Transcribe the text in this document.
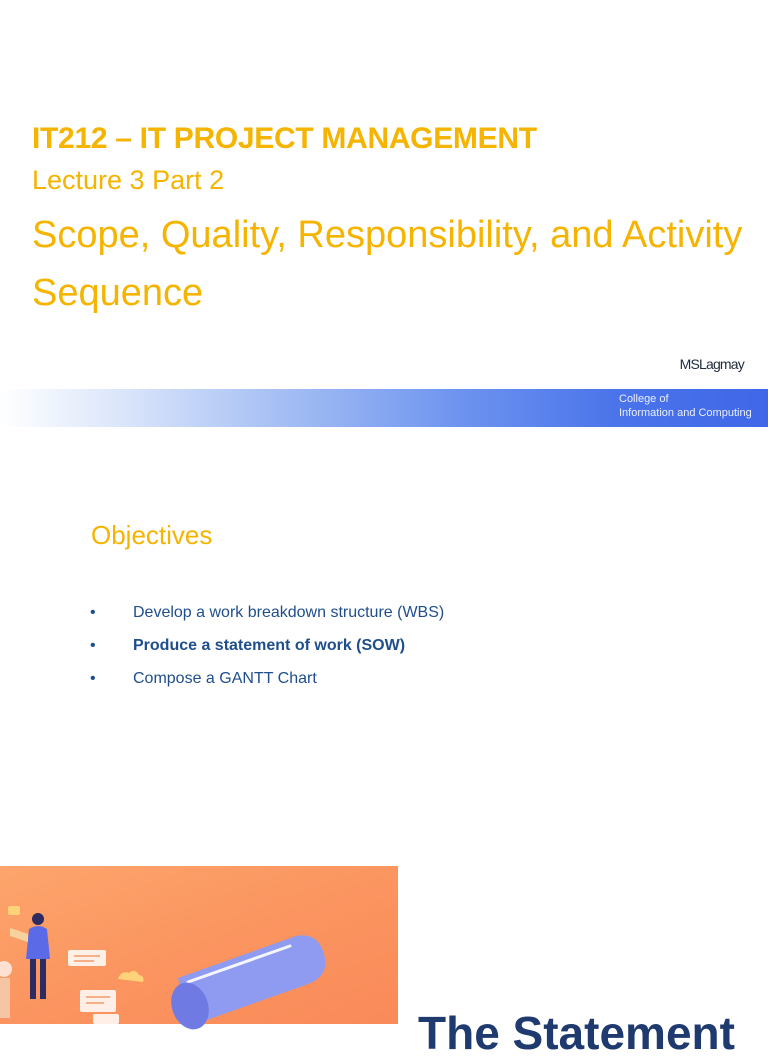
IT212 – IT PROJECT MANAGEMENT
Lecture 3 Part 2
Scope, Quality, Responsibility, and Activity Sequence
MSLagmay
College of
Information and Computing
Objectives
•	Develop a work breakdown structure (WBS)
•	Produce a statement of work (SOW)
•	Compose a GANTT Chart
The Statement
